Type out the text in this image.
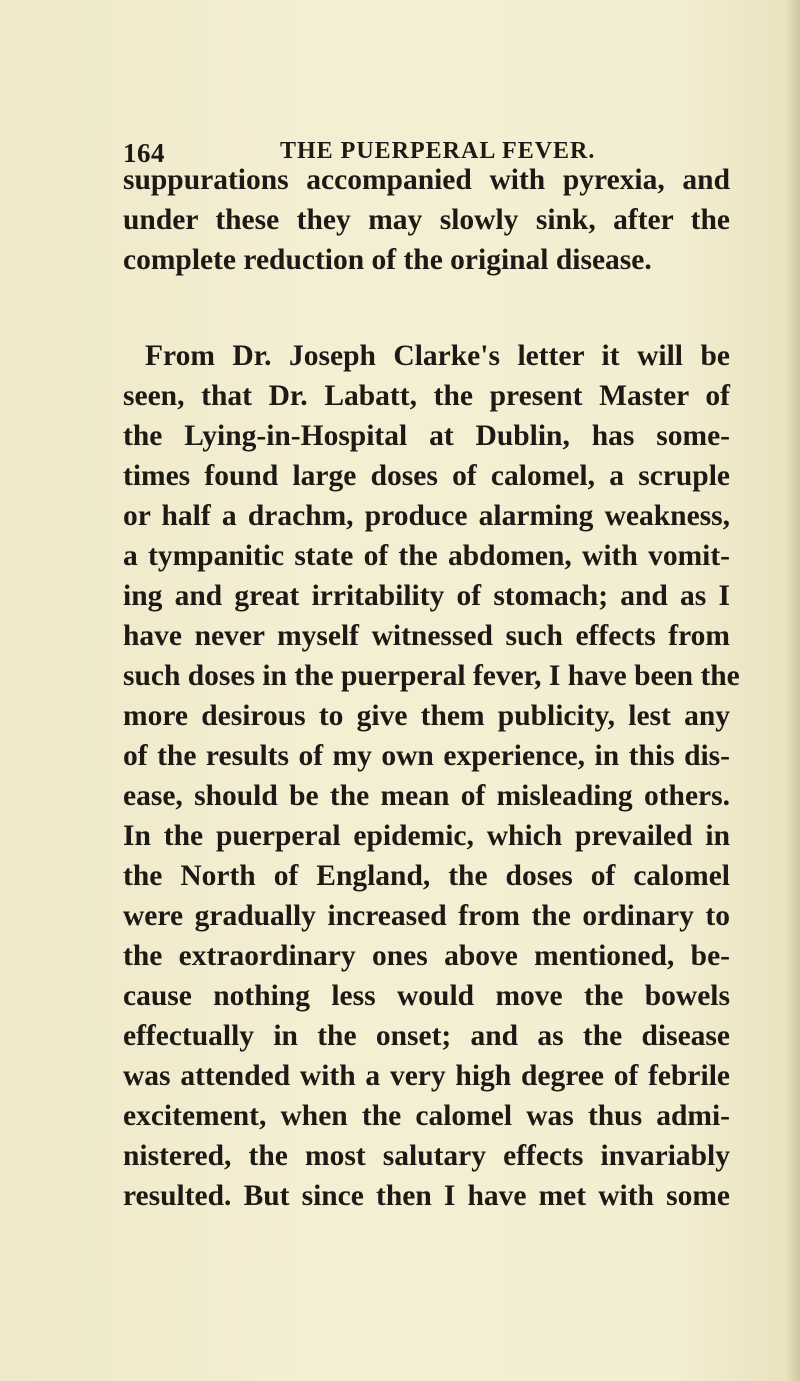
164	THE PUERPERAL FEVER.
suppurations accompanied with pyrexia, and
under these they may slowly sink, after the
complete reduction of the original disease.
From Dr. Joseph Clarke's letter it will be
seen, that Dr. Labatt, the present Master of
the Lying-in-Hospital at Dublin, has some-
times found large doses of calomel, a scruple
or half a drachm, produce alarming weakness,
a tympanitic state of the abdomen, with vomit-
ing and great irritability of stomach; and as I
have never myself witnessed such effects from
such doses in the puerperal fever, I have been the
more desirous to give them publicity, lest any
of the results of my own experience, in this dis-
ease, should be the mean of misleading others.
In the puerperal epidemic, which prevailed in
the North of England, the doses of calomel
were gradually increased from the ordinary to
the extraordinary ones above mentioned, be-
cause nothing less would move the bowels
effectually in the onset; and as the disease
was attended with a very high degree of febrile
excitement, when the calomel was thus admi-
nistered, the most salutary effects invariably
resulted. But since then I have met with some
